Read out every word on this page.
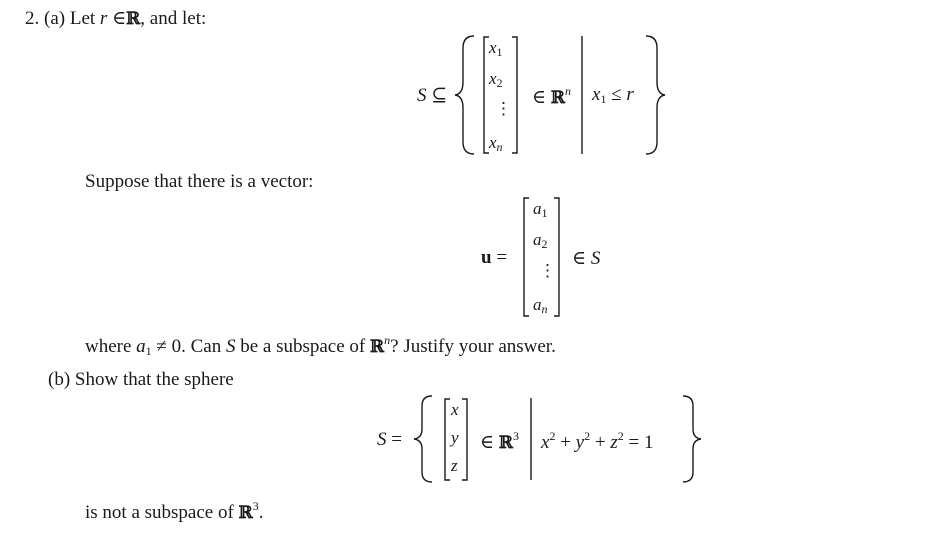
2. (a) Let r ∈ℝ, and let:
S ⊆
$x_1$
$x_2$
⋮
$x_n$
∈ ℝ$^n$ $x_1 \le r$
Suppose that there is a vector:
u =
$a_1$
$a_2$
⋮
$a_n$
∈ S
where $a_1 \ne 0$. Can S be a subspace of ℝ$^n$? Justify your answer.
(b) Show that the sphere
S =
x
y
z
∈ ℝ$^3$ $x^2 + y^2 + z^2 = 1$
is not a subspace of ℝ$^3$.
